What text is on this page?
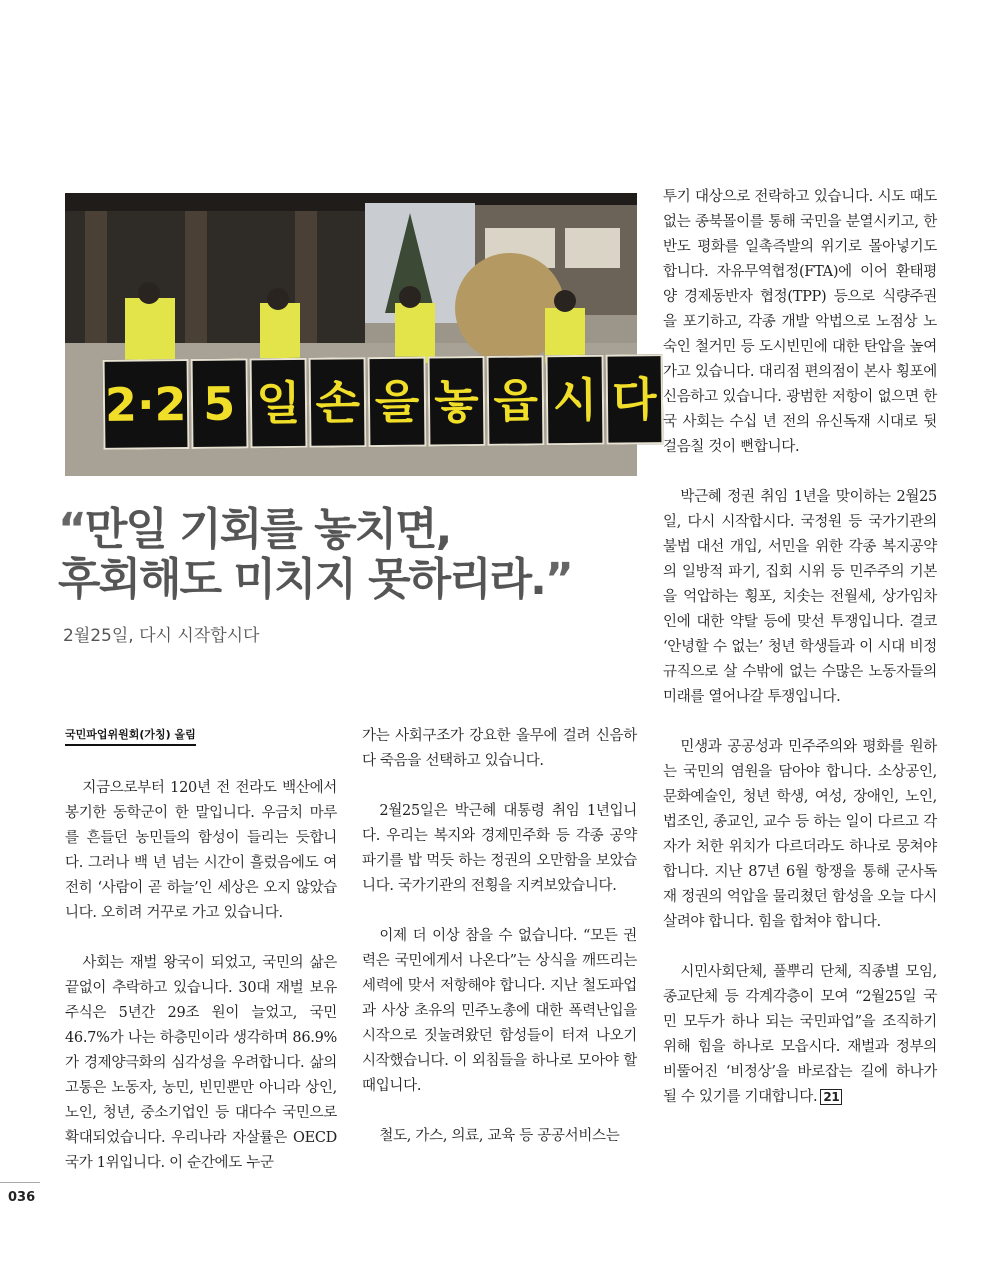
2·2 5 일 손 을 놓 읍 시 다
“만일 기회를 놓치면,
후회해도 미치지 못하리라.”
2월25일, 다시 시작합시다
국민파업위원회(가칭) 올림

지금으로부터 120년 전 전라도 백산에서 봉기한 동학군이 한 말입니다. 우금치 마루를 흔들던 농민들의 함성이 들리는 듯합니다. 그러나 백 년 넘는 시간이 흘렀음에도 여전히 ‘사람이 곧 하늘’인 세상은 오지 않았습니다. 오히려 거꾸로 가고 있습니다.

사회는 재벌 왕국이 되었고, 국민의 삶은 끝없이 추락하고 있습니다. 30대 재벌 보유 주식은 5년간 29조 원이 늘었고, 국민 46.7%가 나는 하층민이라 생각하며 86.9%가 경제양극화의 심각성을 우려합니다. 삶의 고통은 노동자, 농민, 빈민뿐만 아니라 상인, 노인, 청년, 중소기업인 등 대다수 국민으로 확대되었습니다. 우리나라 자살률은 OECD국가 1위입니다. 이 순간에도 누군

가는 사회구조가 강요한 올무에 걸려 신음하다 죽음을 선택하고 있습니다.

2월25일은 박근혜 대통령 취임 1년입니다. 우리는 복지와 경제민주화 등 각종 공약 파기를 밥 먹듯 하는 정권의 오만함을 보았습니다. 국가기관의 전횡을 지켜보았습니다.

이제 더 이상 참을 수 없습니다. “모든 권력은 국민에게서 나온다”는 상식을 깨뜨리는 세력에 맞서 저항해야 합니다. 지난 철도파업과 사상 초유의 민주노총에 대한 폭력난입을 시작으로 짓눌려왔던 함성들이 터져 나오기 시작했습니다. 이 외침들을 하나로 모아야 할 때입니다.

철도, 가스, 의료, 교육 등 공공서비스는

투기 대상으로 전락하고 있습니다. 시도 때도 없는 종북몰이를 통해 국민을 분열시키고, 한반도 평화를 일촉즉발의 위기로 몰아넣기도 합니다. 자유무역협정(FTA)에 이어 환태평양 경제동반자 협정(TPP) 등으로 식량주권을 포기하고, 각종 개발 악법으로 노점상 노숙인 철거민 등 도시빈민에 대한 탄압을 높여가고 있습니다. 대리점 편의점이 본사 횡포에 신음하고 있습니다. 광범한 저항이 없으면 한국 사회는 수십 년 전의 유신독재 시대로 뒷걸음칠 것이 뻔합니다.

박근혜 정권 취임 1년을 맞이하는 2월25일, 다시 시작합시다. 국정원 등 국가기관의 불법 대선 개입, 서민을 위한 각종 복지공약의 일방적 파기, 집회 시위 등 민주주의 기본을 억압하는 횡포, 치솟는 전월세, 상가임차인에 대한 약탈 등에 맞선 투쟁입니다. 결코 ‘안녕할 수 없는’ 청년 학생들과 이 시대 비정규직으로 살 수밖에 없는 수많은 노동자들의 미래를 열어나갈 투쟁입니다.

민생과 공공성과 민주주의와 평화를 원하는 국민의 염원을 담아야 합니다. 소상공인, 문화예술인, 청년 학생, 여성, 장애인, 노인, 법조인, 종교인, 교수 등 하는 일이 다르고 각자가 처한 위치가 다르더라도 하나로 뭉쳐야 합니다. 지난 87년 6월 항쟁을 통해 군사독재 정권의 억압을 물리쳤던 함성을 오늘 다시 살려야 합니다. 힘을 합쳐야 합니다.

시민사회단체, 풀뿌리 단체, 직종별 모임, 종교단체 등 각계각층이 모여 “2월25일 국민 모두가 하나 되는 국민파업”을 조직하기 위해 힘을 하나로 모읍시다. 재벌과 정부의 비뚤어진 ‘비정상’을 바로잡는 길에 하나가 될 수 있기를 기대합니다. 21

036
